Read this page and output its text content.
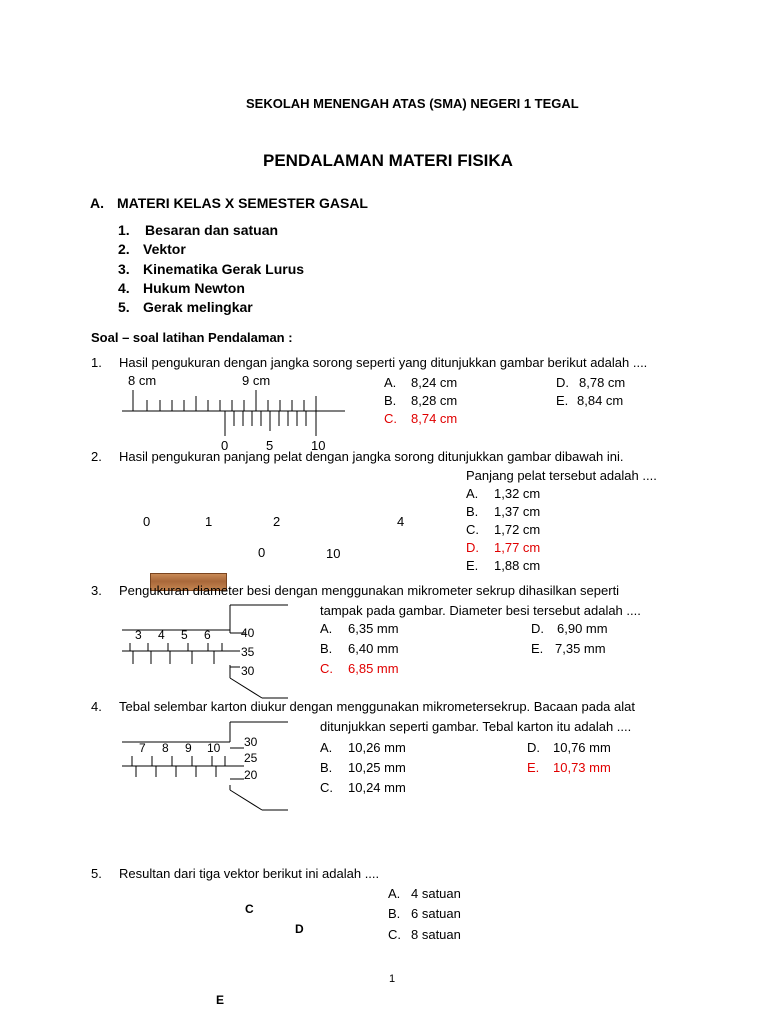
SEKOLAH MENENGAH ATAS (SMA) NEGERI 1 TEGAL
PENDALAMAN MATERI FISIKA
A. MATERI KELAS X SEMESTER GASAL
1. Besaran dan satuan
2. Vektor
3. Kinematika Gerak Lurus
4. Hukum Newton
5. Gerak melingkar
Soal – soal latihan Pendalaman :
1. Hasil pengukuran dengan jangka sorong seperti yang ditunjukkan gambar berikut adalah ....
8 cm	9 cm
0	5	10
A. 8,24 cm
B. 8,28 cm
C. 8,74 cm
D. 8,78 cm
E. 8,84 cm
2. Hasil pengukuran panjang pelat dengan jangka sorong ditunjukkan gambar dibawah ini.
Panjang pelat tersebut adalah ....
0	1	2	4
0	10
A. 1,32 cm
B. 1,37 cm
C. 1,72 cm
D. 1,77 cm
E. 1,88 cm
3. Pengukuran diameter besi dengan menggunakan mikrometer sekrup dihasilkan seperti
tampak pada gambar. Diameter besi tersebut adalah ....
3 4 5 6	40
35
30
A. 6,35 mm
B. 6,40 mm
C. 6,85 mm
D. 6,90 mm
E. 7,35 mm
4. Tebal selembar karton diukur dengan menggunakan mikrometersekrup. Bacaan pada alat
ditunjukkan seperti gambar. Tebal karton itu adalah ....
7 8 9 10 30
25
20
A. 10,26 mm
B. 10,25 mm
C. 10,24 mm
D. 10,76 mm
E. 10,73 mm
5. Resultan dari tiga vektor berikut ini adalah ....
C
D
E
A. 4 satuan
B. 6 satuan
C. 8 satuan
1
